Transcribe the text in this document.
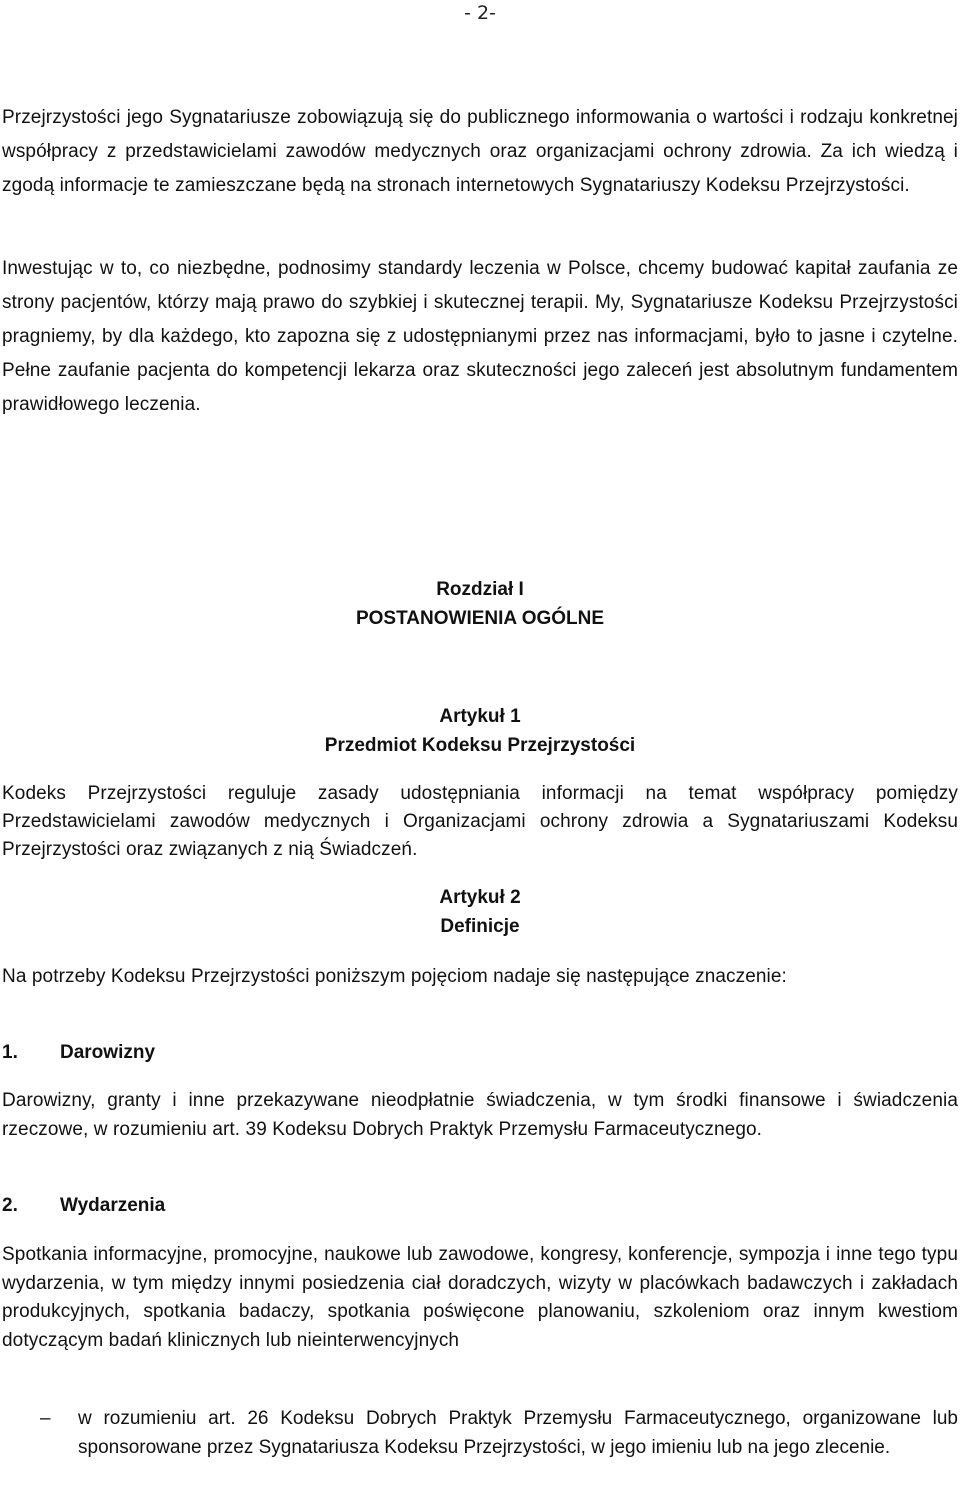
- 2-

Przejrzystości jego Sygnatariusze zobowiązują się do publicznego informowania o wartości i rodzaju konkretnej współpracy z przedstawicielami zawodów medycznych oraz organizacjami ochrony zdrowia. Za ich wiedzą i zgodą informacje te zamieszczane będą na stronach internetowych Sygnatariuszy Kodeksu Przejrzystości.

Inwestując w to, co niezbędne, podnosimy standardy leczenia w Polsce, chcemy budować kapitał zaufania ze strony pacjentów, którzy mają prawo do szybkiej i skutecznej terapii. My, Sygnatariusze Kodeksu Przejrzystości pragniemy, by dla każdego, kto zapozna się z udostępnianymi przez nas informacjami, było to jasne i czytelne. Pełne zaufanie pacjenta do kompetencji lekarza oraz skuteczności jego zaleceń jest absolutnym fundamentem prawidłowego leczenia.

Rozdział I
POSTANOWIENIA OGÓLNE
Artykuł 1
Przedmiot Kodeksu Przejrzystości

Kodeks Przejrzystości reguluje zasady udostępniania informacji na temat współpracy pomiędzy Przedstawicielami zawodów medycznych i Organizacjami ochrony zdrowia a Sygnatariuszami Kodeksu Przejrzystości oraz związanych z nią Świadczeń.

Artykuł 2
Definicje

Na potrzeby Kodeksu Przejrzystości poniższym pojęciom nadaje się następujące znaczenie:

1. Darowizny

Darowizny, granty i inne przekazywane nieodpłatnie świadczenia, w tym środki finansowe i świadczenia rzeczowe, w rozumieniu art. 39 Kodeksu Dobrych Praktyk Przemysłu Farmaceutycznego.

2. Wydarzenia

Spotkania informacyjne, promocyjne, naukowe lub zawodowe, kongresy, konferencje, sympozja i inne tego typu wydarzenia, w tym między innymi posiedzenia ciał doradczych, wizyty w placówkach badawczych i zakładach produkcyjnych, spotkania badaczy, spotkania poświęcone planowaniu, szkoleniom oraz innym kwestiom dotyczącym badań klinicznych lub nieinterwencyjnych

– w rozumieniu art. 26 Kodeksu Dobrych Praktyk Przemysłu Farmaceutycznego, organizowane lub sponsorowane przez Sygnatariusza Kodeksu Przejrzystości, w jego imieniu lub na jego zlecenie.
